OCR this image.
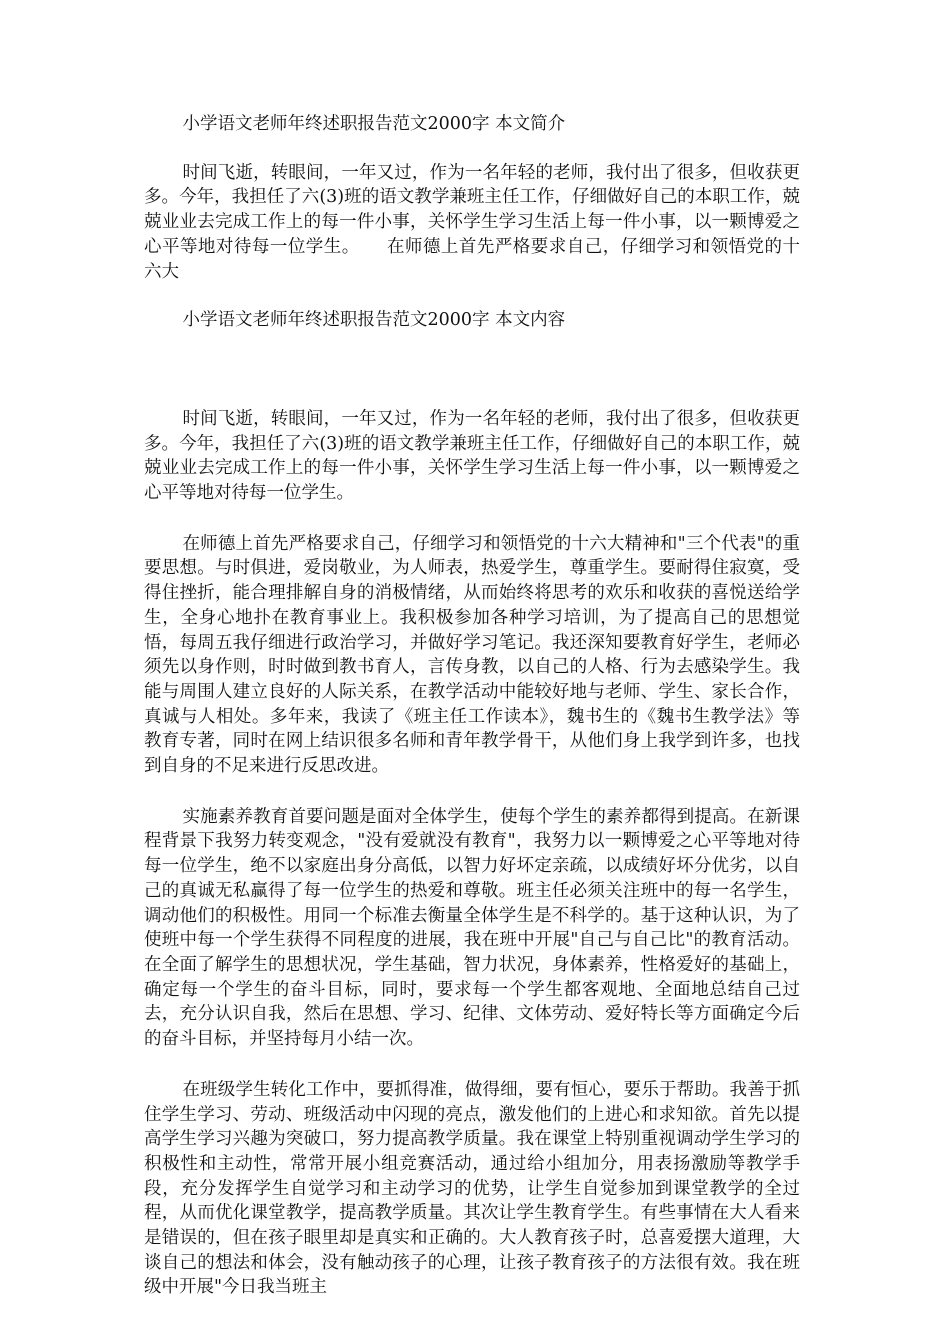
小学语文老师年终述职报告范文2000字 本文简介

时间飞逝，转眼间，一年又过，作为一名年轻的老师，我付出了很多，但收获更多。今年，我担任了六(3)班的语文教学兼班主任工作，仔细做好自己的本职工作，兢兢业业去完成工作上的每一件小事，关怀学生学习生活上每一件小事，以一颗博爱之心平等地对待每一位学生。　　在师德上首先严格要求自己，仔细学习和领悟党的十六大

小学语文老师年终述职报告范文2000字 本文内容

时间飞逝，转眼间，一年又过，作为一名年轻的老师，我付出了很多，但收获更多。今年，我担任了六(3)班的语文教学兼班主任工作，仔细做好自己的本职工作，兢兢业业去完成工作上的每一件小事，关怀学生学习生活上每一件小事，以一颗博爱之心平等地对待每一位学生。

在师德上首先严格要求自己，仔细学习和领悟党的十六大精神和"三个代表"的重要思想。与时俱进，爱岗敬业，为人师表，热爱学生，尊重学生。要耐得住寂寞，受得住挫折，能合理排解自身的消极情绪，从而始终将思考的欢乐和收获的喜悦送给学生，全身心地扑在教育事业上。我积极参加各种学习培训，为了提高自己的思想觉悟，每周五我仔细进行政治学习，并做好学习笔记。我还深知要教育好学生，老师必须先以身作则，时时做到教书育人，言传身教，以自己的人格、行为去感染学生。我能与周围人建立良好的人际关系，在教学活动中能较好地与老师、学生、家长合作，真诚与人相处。多年来，我读了《班主任工作读本》，魏书生的《魏书生教学法》等教育专著，同时在网上结识很多名师和青年教学骨干，从他们身上我学到许多，也找到自身的不足来进行反思改进。

实施素养教育首要问题是面对全体学生，使每个学生的素养都得到提高。在新课程背景下我努力转变观念，"没有爱就没有教育"，我努力以一颗博爱之心平等地对待每一位学生，绝不以家庭出身分高低，以智力好坏定亲疏，以成绩好坏分优劣，以自己的真诚无私赢得了每一位学生的热爱和尊敬。班主任必须关注班中的每一名学生，调动他们的积极性。用同一个标准去衡量全体学生是不科学的。基于这种认识，为了使班中每一个学生获得不同程度的进展，我在班中开展"自己与自己比"的教育活动。在全面了解学生的思想状况，学生基础，智力状况，身体素养，性格爱好的基础上，确定每一个学生的奋斗目标，同时，要求每一个学生都客观地、全面地总结自己过去，充分认识自我，然后在思想、学习、纪律、文体劳动、爱好特长等方面确定今后的奋斗目标，并坚持每月小结一次。

在班级学生转化工作中，要抓得准，做得细，要有恒心，要乐于帮助。我善于抓住学生学习、劳动、班级活动中闪现的亮点，激发他们的上进心和求知欲。首先以提高学生学习兴趣为突破口，努力提高教学质量。我在课堂上特别重视调动学生学习的积极性和主动性，常常开展小组竞赛活动，通过给小组加分，用表扬激励等教学手段，充分发挥学生自觉学习和主动学习的优势，让学生自觉参加到课堂教学的全过程，从而优化课堂教学，提高教学质量。其次让学生教育学生。有些事情在大人看来是错误的，但在孩子眼里却是真实和正确的。大人教育孩子时，总喜爱摆大道理，大谈自己的想法和体会，没有触动孩子的心理，让孩子教育孩子的方法很有效。我在班级中开展"今日我当班主
